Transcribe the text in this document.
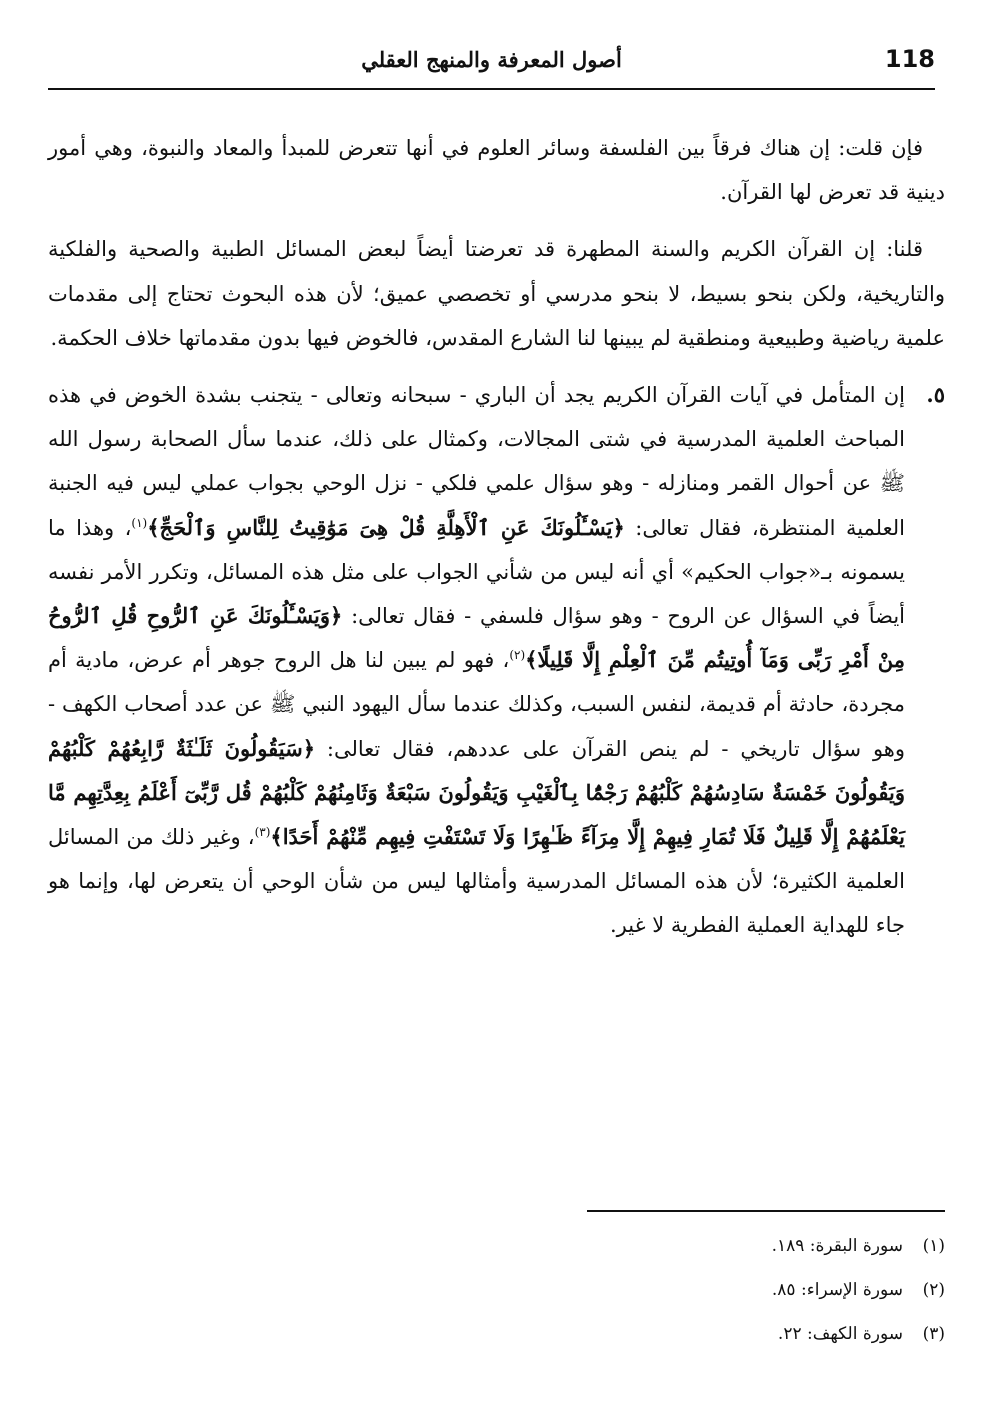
118
أصول المعرفة والمنهج العقلي

فإن قلت: إن هناك فرقاً بين الفلسفة وسائر العلوم في أنها تتعرض للمبدأ والمعاد والنبوة، وهي أمور دينية قد تعرض لها القرآن.

قلنا: إن القرآن الكريم والسنة المطهرة قد تعرضتا أيضاً لبعض المسائل الطبية والصحية والفلكية والتاريخية، ولكن بنحو بسيط، لا بنحو مدرسي أو تخصصي عميق؛ لأن هذه البحوث تحتاج إلى مقدمات علمية رياضية وطبيعية ومنطقية لم يبينها لنا الشارع المقدس، فالخوض فيها بدون مقدماتها خلاف الحكمة.

٥.
إن المتأمل في آيات القرآن الكريم يجد أن الباري - سبحانه وتعالى - يتجنب بشدة الخوض في هذه المباحث العلمية المدرسية في شتى المجالات، وكمثال على ذلك، عندما سأل الصحابة رسول الله ﷺ عن أحوال القمر ومنازله - وهو سؤال علمي فلكي - نزل الوحي بجواب عملي ليس فيه الجنبة العلمية المنتظرة، فقال تعالى: ﴿يَسْـَٔلُونَكَ عَنِ ٱلْأَهِلَّةِ قُلْ هِىَ مَوَٰقِيتُ لِلنَّاسِ وَٱلْحَجِّ﴾$^{(١)}$، وهذا ما يسمونه بـ«جواب الحكيم» أي أنه ليس من شأني الجواب على مثل هذه المسائل، وتكرر الأمر نفسه أيضاً في السؤال عن الروح - وهو سؤال فلسفي - فقال تعالى: ﴿وَيَسْـَٔلُونَكَ عَنِ ٱلرُّوحِ قُلِ ٱلرُّوحُ مِنْ أَمْرِ رَبِّى وَمَآ أُوتِيتُم مِّنَ ٱلْعِلْمِ إِلَّا قَلِيلًا﴾$^{(٢)}$، فهو لم يبين لنا هل الروح جوهر أم عرض، مادية أم مجردة، حادثة أم قديمة، لنفس السبب، وكذلك عندما سأل اليهود النبي ﷺ عن عدد أصحاب الكهف - وهو سؤال تاريخي - لم ينص القرآن على عددهم، فقال تعالى: ﴿سَيَقُولُونَ ثَلَـٰثَةٌ رَّابِعُهُمْ كَلْبُهُمْ وَيَقُولُونَ خَمْسَةٌ سَادِسُهُمْ كَلْبُهُمْ رَجْمًۢا بِٱلْغَيْبِ وَيَقُولُونَ سَبْعَةٌ وَثَامِنُهُمْ كَلْبُهُمْ قُل رَّبِّىٓ أَعْلَمُ بِعِدَّتِهِم مَّا يَعْلَمُهُمْ إِلَّا قَلِيلٌ فَلَا تُمَارِ فِيهِمْ إِلَّا مِرَآءً ظَـٰهِرًا وَلَا تَسْتَفْتِ فِيهِم مِّنْهُمْ أَحَدًا﴾$^{(٣)}$، وغير ذلك من المسائل العلمية الكثيرة؛ لأن هذه المسائل المدرسية وأمثالها ليس من شأن الوحي أن يتعرض لها، وإنما هو جاء للهداية العملية الفطرية لا غير.
(١)سورة البقرة: ١٨٩.
(٢)سورة الإسراء: ٨٥.
(٣)سورة الكهف: ٢٢.
